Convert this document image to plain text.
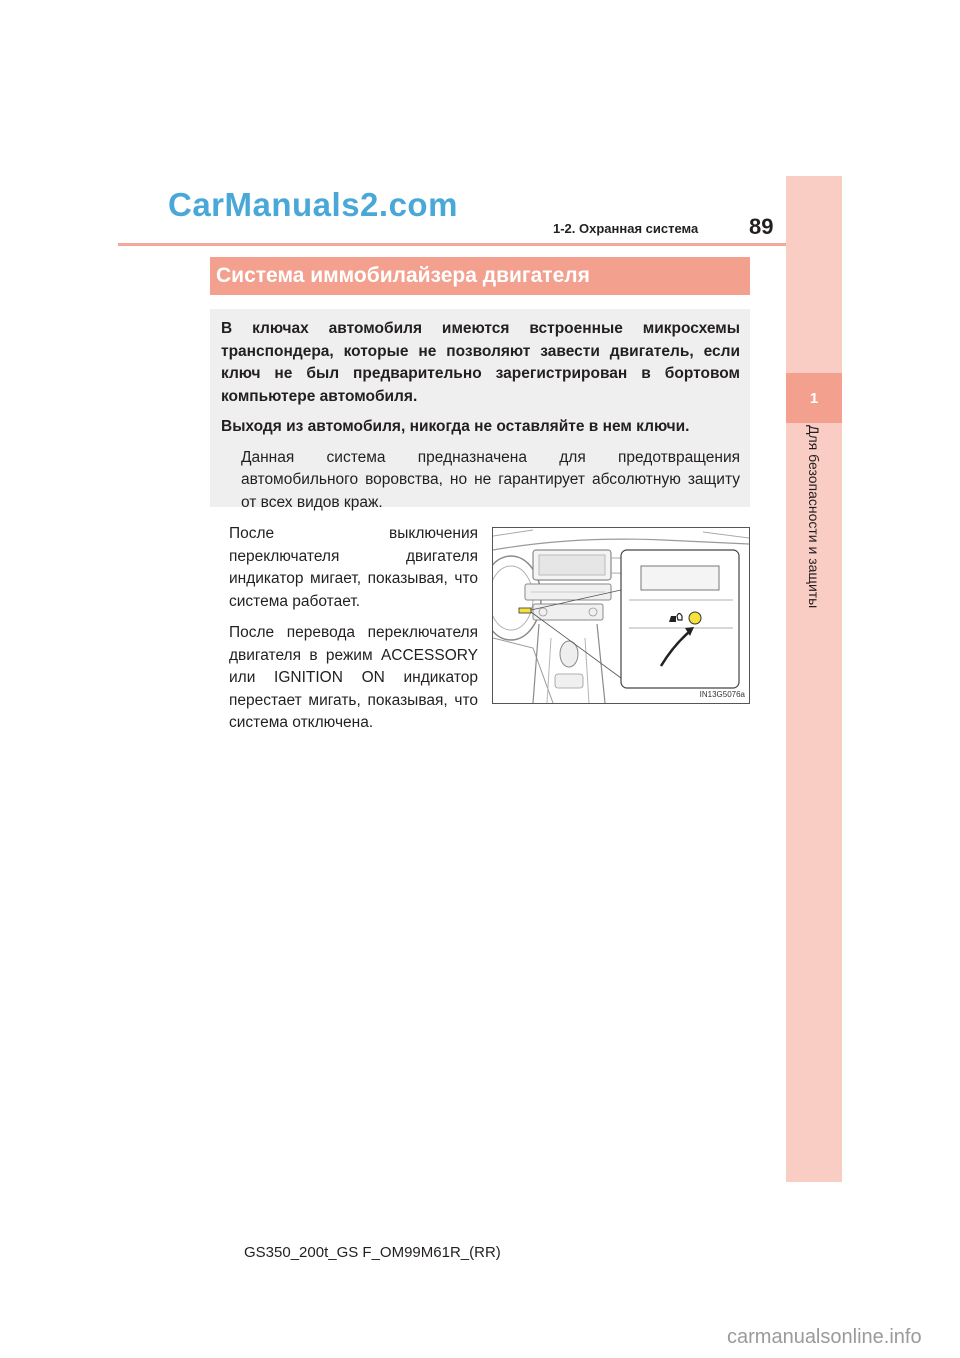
CarManuals2.com
1-2. Охранная система 89
1
Для безопасности и защиты
Система иммобилайзера двигателя

В ключах автомобиля имеются встроенные микросхемы транспондера, которые не позволяют завести двигатель, если ключ не был предварительно зарегистрирован в бортовом компьютере автомобиля.

Выходя из автомобиля, никогда не оставляйте в нем ключи.

Данная система предназначена для предотвращения автомобильного воровства, но не гарантирует абсолютную защиту от всех видов краж.

После выключения переключателя двигателя индикатор мигает, показывая, что система работает.

После перевода переключателя двигателя в режим ACCESSORY или IGNITION ON индикатор перестает мигать, показывая, что система отключена.

IN13G5076a
GS350_200t_GS F_OM99M61R_(RR)
carmanualsonline.info
